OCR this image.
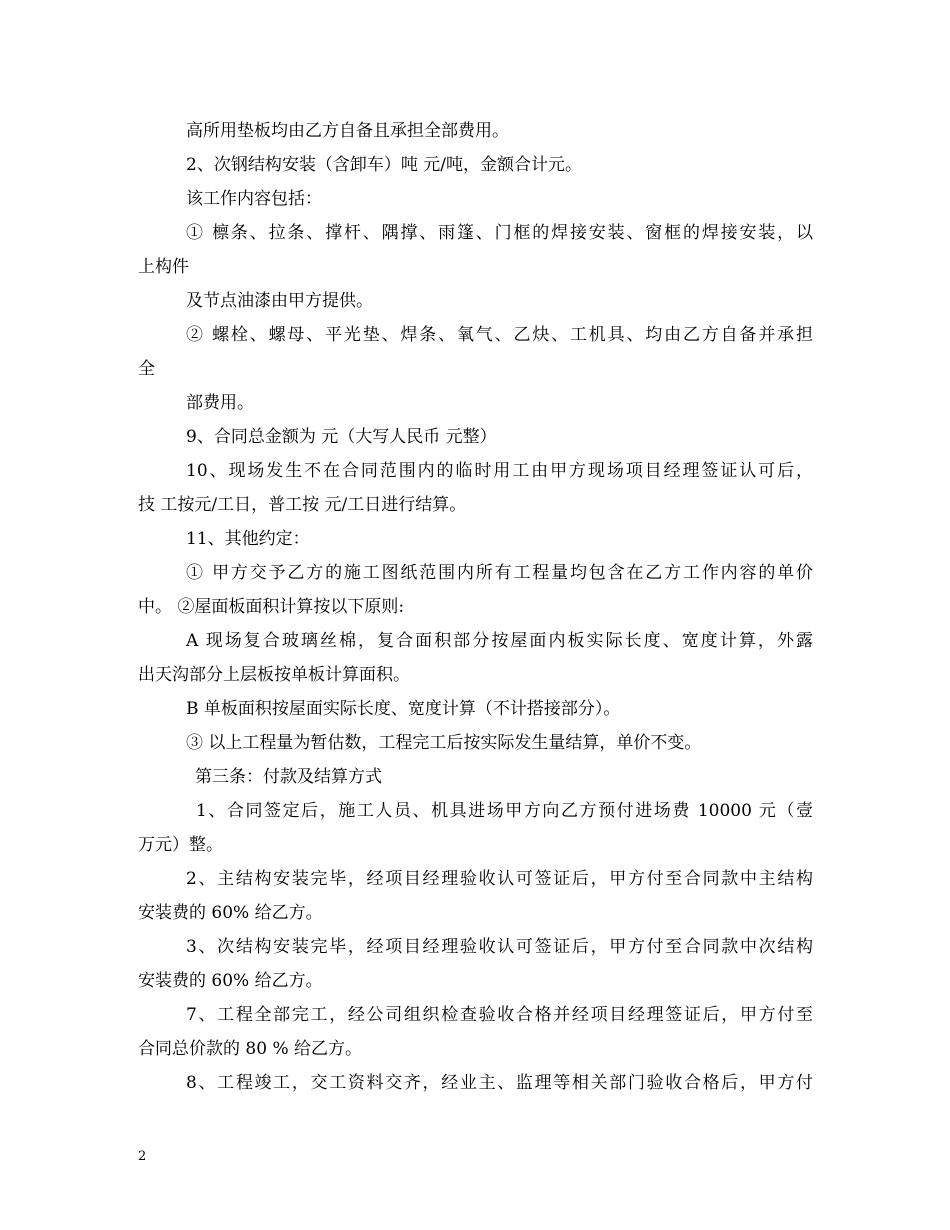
高所用垫板均由乙方自备且承担全部费用。
2、次钢结构安装（含卸车）吨 元/吨，金额合计元。
该工作内容包括：
① 檩条、拉条、撑杆、隅撑、雨篷、门框的焊接安装、窗框的焊接安装，以
上构件
及节点油漆由甲方提供。
② 螺栓、螺母、平光垫、焊条、氧气、乙炔、工机具、均由乙方自备并承担
全
部费用。
9、合同总金额为 元（大写人民币 元整）
10、现场发生不在合同范围内的临时用工由甲方现场项目经理签证认可后，
技 工按元/工日，普工按 元/工日进行结算。
11、其他约定：
① 甲方交予乙方的施工图纸范围内所有工程量均包含在乙方工作内容的单价
中。 ②屋面板面积计算按以下原则:
A 现场复合玻璃丝棉，复合面积部分按屋面内板实际长度、宽度计算，外露
出天沟部分上层板按单板计算面积。
B 单板面积按屋面实际长度、宽度计算（不计搭接部分）。
③ 以上工程量为暂估数，工程完工后按实际发生量结算，单价不变。
第三条：付款及结算方式
1、合同签定后，施工人员、机具进场甲方向乙方预付进场费 10000 元（壹
万元）整。
2、主结构安装完毕，经项目经理验收认可签证后，甲方付至合同款中主结构
安装费的 60% 给乙方。
3、次结构安装完毕，经项目经理验收认可签证后，甲方付至合同款中次结构
安装费的 60% 给乙方。
7、工程全部完工，经公司组织检查验收合格并经项目经理签证后，甲方付至
合同总价款的 80 % 给乙方。
8、工程竣工，交工资料交齐，经业主、监理等相关部门验收合格后，甲方付
2
